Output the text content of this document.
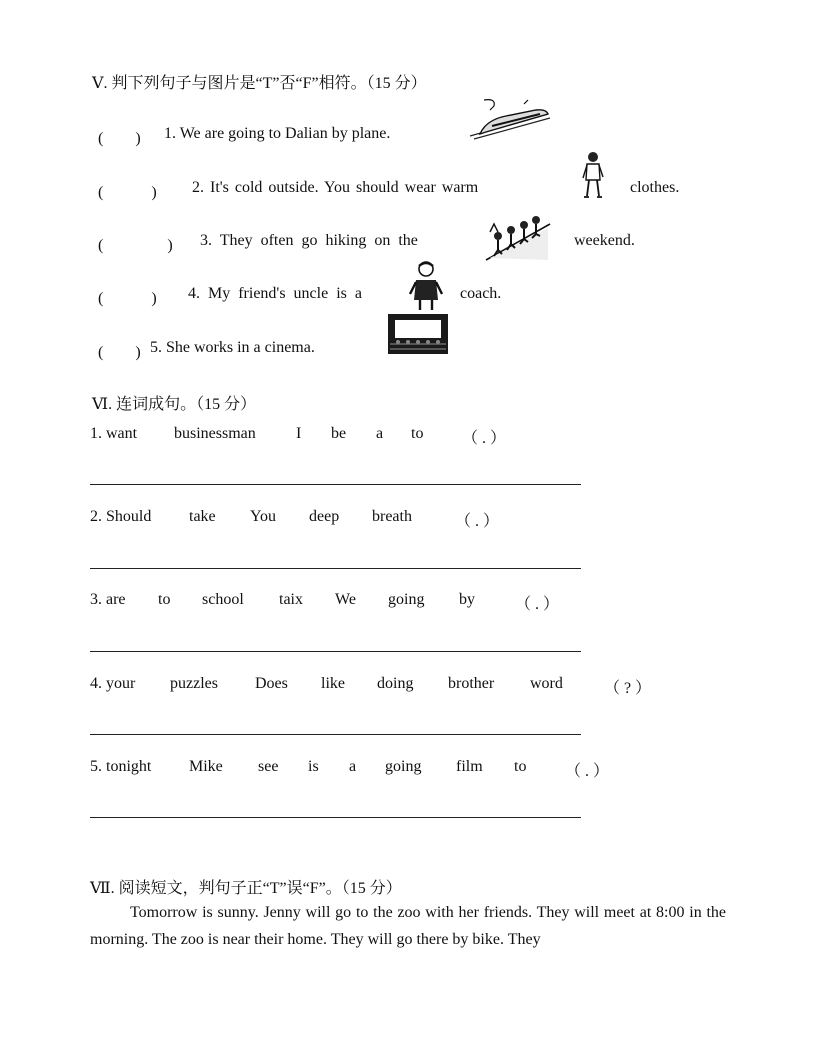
Ⅴ. 判下列句子与图片是“T”否“F”相符。（15 分）
(　　) 1. We are going to Dalian by plane.
(　　　) 2. It's cold outside. You should wear warm	clothes.
(　　　　) 3. They often go hiking on the	weekend.
(　　　) 4. My friend's uncle is a	coach.
(　　) 5. She works in a cinema.
Ⅵ. 连词成句。（15 分）
1. want businessman	I be a to （ . ）
2. Should take You deep breath	（ . ）
3. are to school taix We going by	（ . ）
4. your puzzles Does like doing brother word	（ ? ）
5. tonight Mike see is a going film to （ . ）
Ⅶ. 阅读短文，判句子正“T”误“F”。（15 分）
Tomorrow is sunny. Jenny will go to the zoo with her friends. They will meet at 8:00 in the morning. The zoo is near their home. They will go there by bike. They
